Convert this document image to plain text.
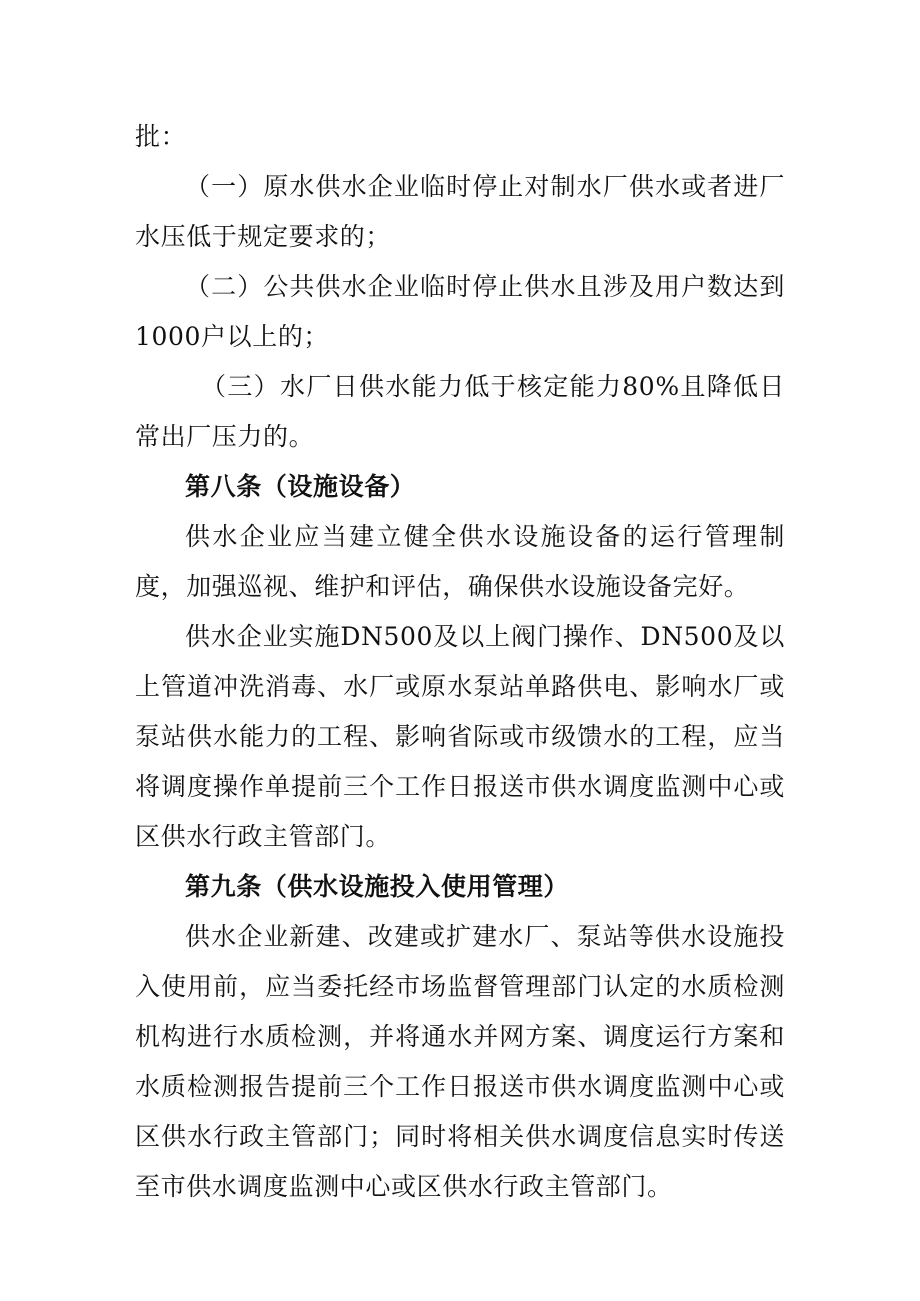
批：

（一）原水供水企业临时停止对制水厂供水或者进厂水压低于规定要求的；

（二）公共供水企业临时停止供水且涉及用户数达到1000户以上的；

（三）水厂日供水能力低于核定能力80%且降低日常出厂压力的。

第八条（设施设备）

供水企业应当建立健全供水设施设备的运行管理制度，加强巡视、维护和评估，确保供水设施设备完好。

供水企业实施DN500及以上阀门操作、DN500及以上管道冲洗消毒、水厂或原水泵站单路供电、影响水厂或泵站供水能力的工程、影响省际或市级馈水的工程，应当将调度操作单提前三个工作日报送市供水调度监测中心或区供水行政主管部门。

第九条（供水设施投入使用管理）

供水企业新建、改建或扩建水厂、泵站等供水设施投入使用前，应当委托经市场监督管理部门认定的水质检测机构进行水质检测，并将通水并网方案、调度运行方案和水质检测报告提前三个工作日报送市供水调度监测中心或区供水行政主管部门；同时将相关供水调度信息实时传送至市供水调度监测中心或区供水行政主管部门。
